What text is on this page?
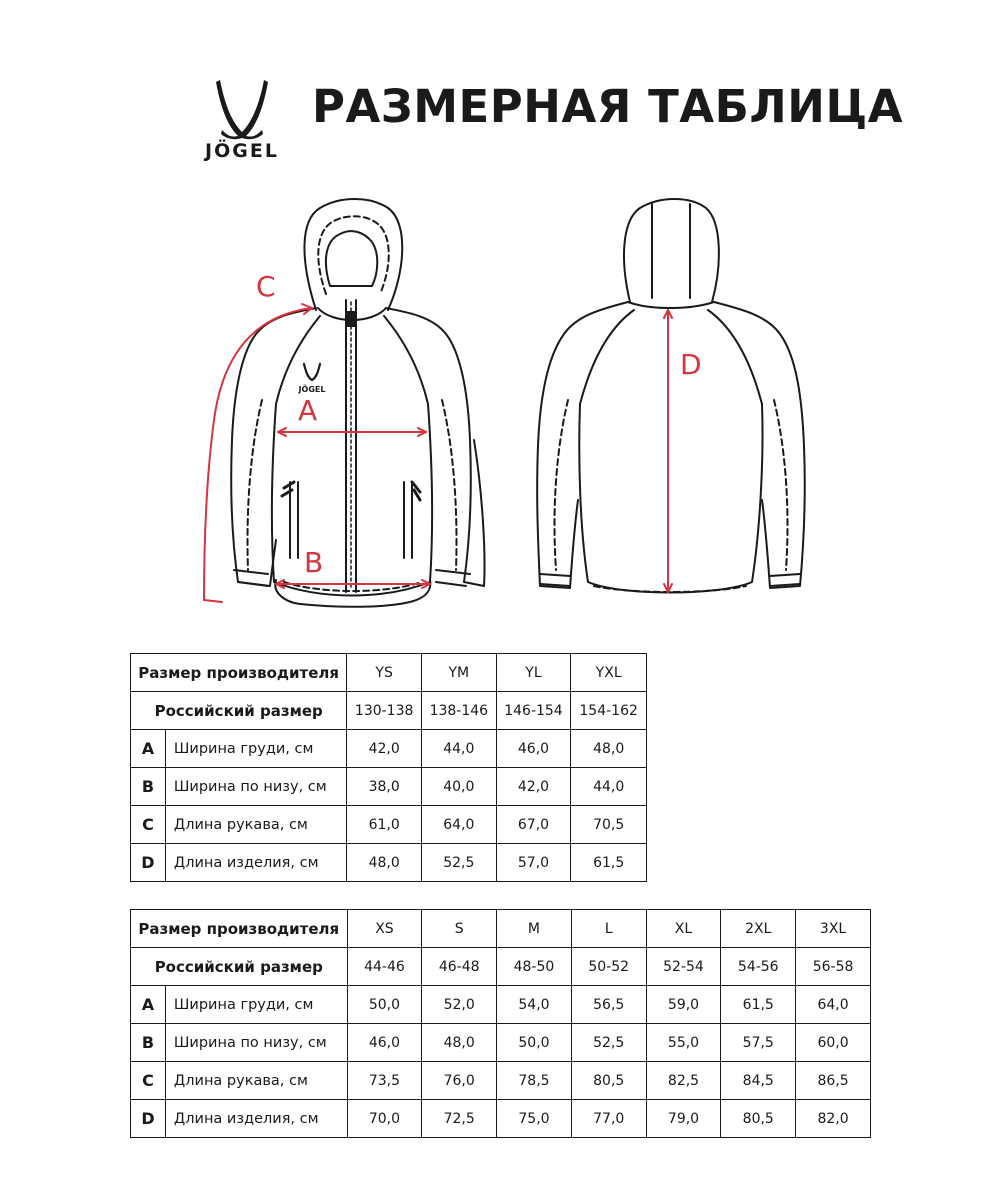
JÖGEL
РАЗМЕРНАЯ ТАБЛИЦА
JÖGEL
A
B
C
D
Размер производителя		YS	YM	YL	YXL
Российский размер		130-138	138-146	146-154	154-162
A	Ширина груди, см	42,0	44,0	46,0	48,0
B	Ширина по низу, см	38,0	40,0	42,0	44,0
C	Длина рукава, см	61,0	64,0	67,0	70,5
D	Длина изделия, см	48,0	52,5	57,0	61,5
Размер производителя		XS	S	M	L	XL	2XL	3XL
Российский размер		44-46	46-48	48-50	50-52	52-54	54-56	56-58
A	Ширина груди, см	50,0	52,0	54,0	56,5	59,0	61,5	64,0
B	Ширина по низу, см	46,0	48,0	50,0	52,5	55,0	57,5	60,0
C	Длина рукава, см	73,5	76,0	78,5	80,5	82,5	84,5	86,5
D	Длина изделия, см	70,0	72,5	75,0	77,0	79,0	80,5	82,0
